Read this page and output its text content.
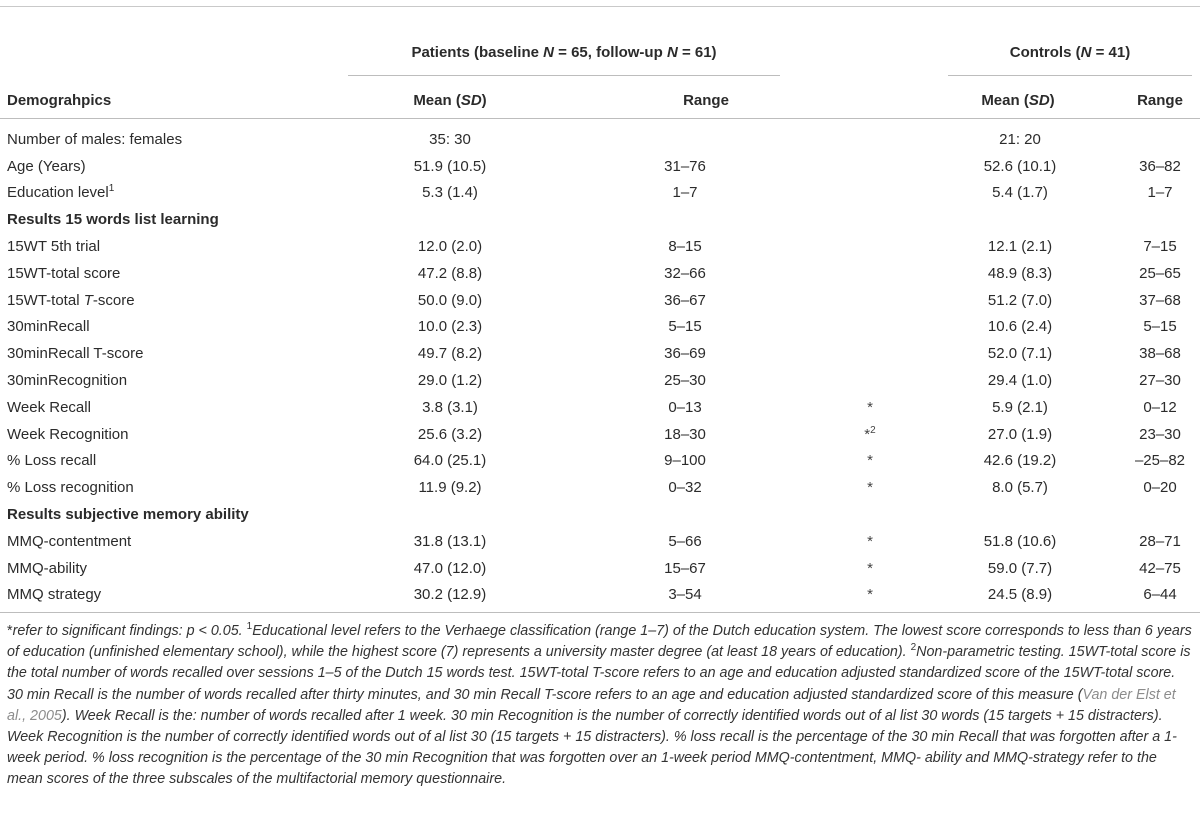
Patients (baseline N = 65, follow-up N = 61)	Controls (N = 41)
Demograhpics	Mean (SD)	Range	Mean (SD)	Range
Number of males: females	35: 30			21: 20	
Age (Years)	51.9 (10.5)	31–76		52.6 (10.1)	36–82
Education level$^1$	5.3 (1.4)	1–7		5.4 (1.7)	1–7
Results 15 words list learning					
15WT 5th trial	12.0 (2.0)	8–15		12.1 (2.1)	7–15
15WT-total score	47.2 (8.8)	32–66		48.9 (8.3)	25–65
15WT-total T-score	50.0 (9.0)	36–67		51.2 (7.0)	37–68
30minRecall	10.0 (2.3)	5–15		10.6 (2.4)	5–15
30minRecall T-score	49.7 (8.2)	36–69		52.0 (7.1)	38–68
30minRecognition	29.0 (1.2)	25–30		29.4 (1.0)	27–30
Week Recall	3.8 (3.1)	0–13	*	5.9 (2.1)	0–12
Week Recognition	25.6 (3.2)	18–30	*$^2$	27.0 (1.9)	23–30
% Loss recall	64.0 (25.1)	9–100	*	42.6 (19.2)	–25–82
% Loss recognition	11.9 (9.2)	0–32	*	8.0 (5.7)	0–20
Results subjective memory ability					
MMQ-contentment	31.8 (13.1)	5–66	*	51.8 (10.6)	28–71
MMQ-ability	47.0 (12.0)	15–67	*	59.0 (7.7)	42–75
MMQ strategy	30.2 (12.9)	3–54	*	24.5 (8.9)	6–44
*refer to significant findings: p < 0.05. $^1$Educational level refers to the Verhaege classification (range 1–7) of the Dutch education system. The lowest score corresponds to less than 6 years of education (unfinished elementary school), while the highest score (7) represents a university master degree (at least 18 years of education). $^2$Non-parametric testing. 15WT-total score is the total number of words recalled over sessions 1–5 of the Dutch 15 words test. 15WT-total T-score refers to an age and education adjusted standardized score of the 15WT-total score. 30 min Recall is the number of words recalled after thirty minutes, and 30 min Recall T-score refers to an age and education adjusted standardized score of this measure (Van der Elst et al., 2005). Week Recall is the: number of words recalled after 1 week. 30 min Recognition is the number of correctly identified words out of al list 30 words (15 targets + 15 distracters). Week Recognition is the number of correctly identified words out of al list 30 (15 targets + 15 distracters). % loss recall is the percentage of the 30 min Recall that was forgotten after a 1-week period. % loss recognition is the percentage of the 30 min Recognition that was forgotten over an 1-week period MMQ-contentment, MMQ- ability and MMQ-strategy refer to the mean scores of the three subscales of the multifactorial memory questionnaire.
